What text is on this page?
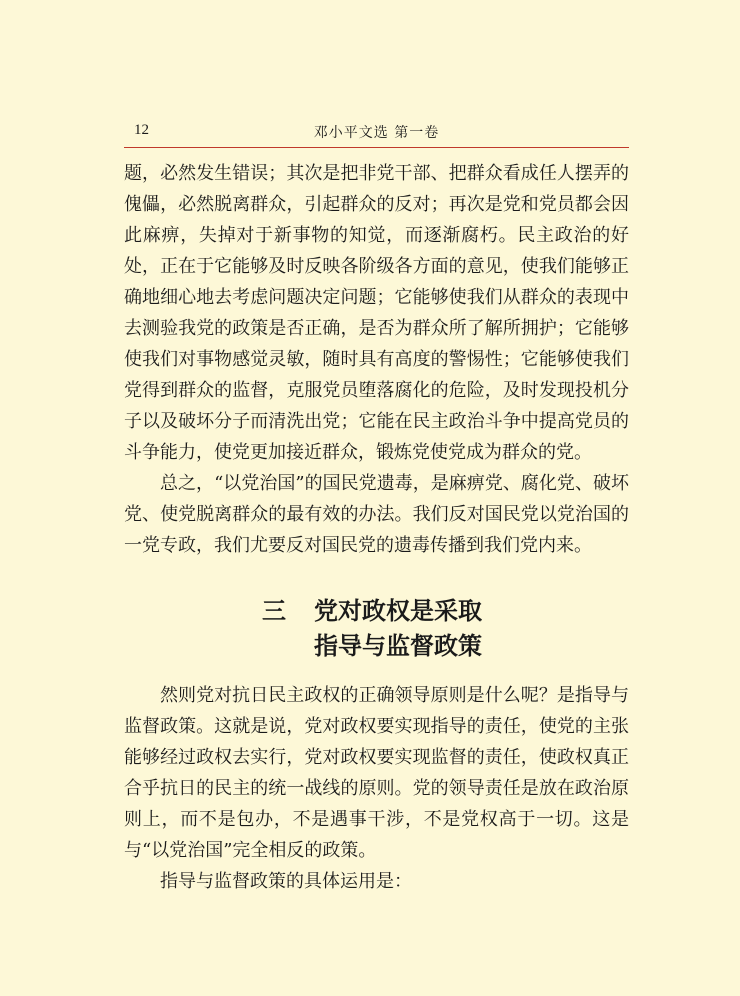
12	邓小平文选 第一卷

题，必然发生错误；其次是把非党干部、把群众看成任人摆弄的傀儡，必然脱离群众，引起群众的反对；再次是党和党员都会因此麻痹，失掉对于新事物的知觉，而逐渐腐朽。民主政治的好处，正在于它能够及时反映各阶级各方面的意见，使我们能够正确地细心地去考虑问题决定问题；它能够使我们从群众的表现中去测验我党的政策是否正确，是否为群众所了解所拥护；它能够使我们对事物感觉灵敏，随时具有高度的警惕性；它能够使我们党得到群众的监督，克服党员堕落腐化的危险，及时发现投机分子以及破坏分子而清洗出党；它能在民主政治斗争中提高党员的斗争能力，使党更加接近群众，锻炼党使党成为群众的党。

总之，“以党治国”的国民党遗毒，是麻痹党、腐化党、破坏党、使党脱离群众的最有效的办法。我们反对国民党以党治国的一党专政，我们尤要反对国民党的遗毒传播到我们党内来。

三 党对政权是采取
指导与监督政策

然则党对抗日民主政权的正确领导原则是什么呢？是指导与监督政策。这就是说，党对政权要实现指导的责任，使党的主张能够经过政权去实行，党对政权要实现监督的责任，使政权真正合乎抗日的民主的统一战线的原则。党的领导责任是放在政治原则上，而不是包办，不是遇事干涉，不是党权高于一切。这是与“以党治国”完全相反的政策。

指导与监督政策的具体运用是：
